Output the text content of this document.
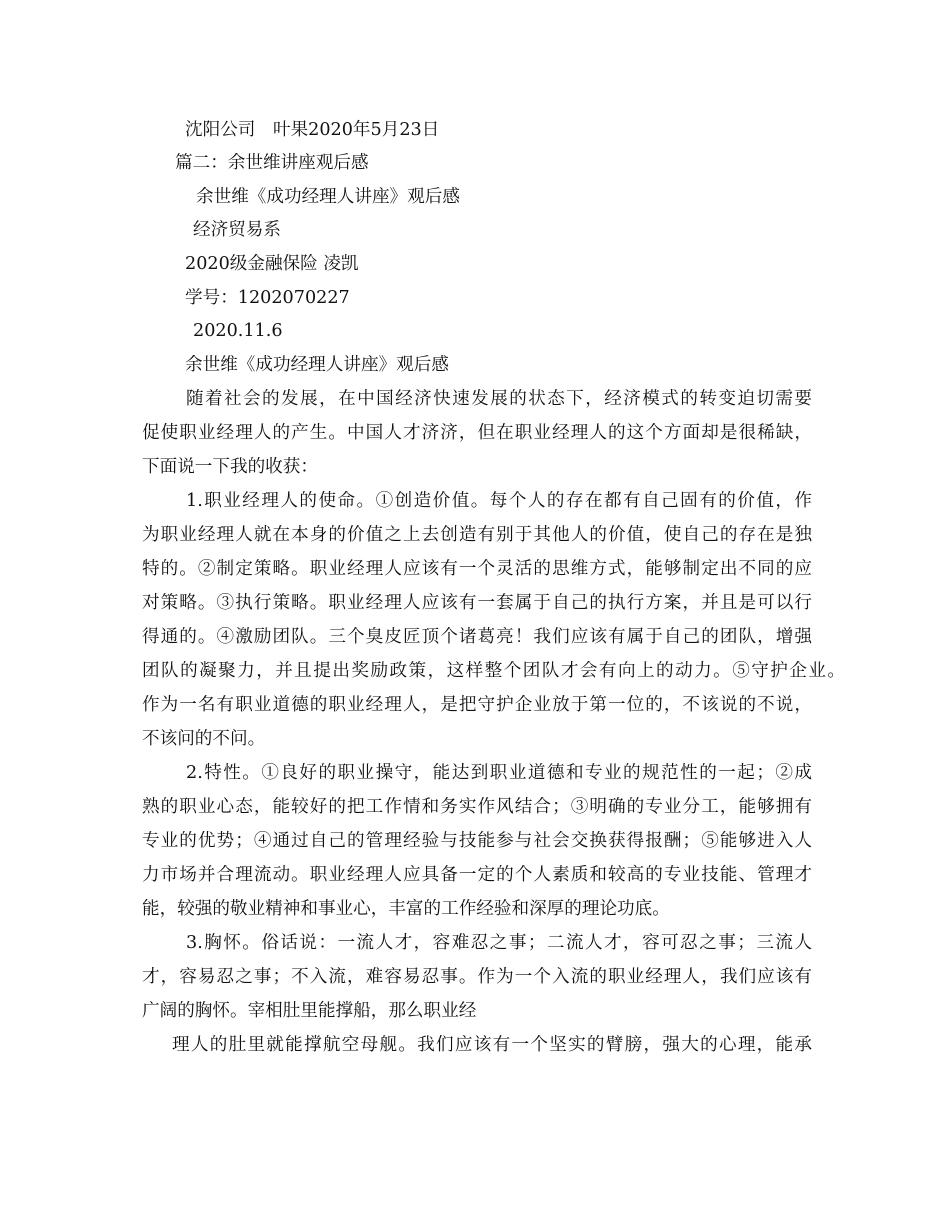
沈阳公司　叶果2020年5月23日
篇二：余世维讲座观后感
余世维《成功经理人讲座》观后感
经济贸易系
2020级金融保险 凌凯
学号：1202070227
2020.11.6
余世维《成功经理人讲座》观后感
随着社会的发展，在中国经济快速发展的状态下，经济模式的转变迫切需要
促使职业经理人的产生。中国人才济济，但在职业经理人的这个方面却是很稀缺，
下面说一下我的收获：
1.职业经理人的使命。①创造价值。每个人的存在都有自己固有的价值，作
为职业经理人就在本身的价值之上去创造有别于其他人的价值，使自己的存在是独
特的。②制定策略。职业经理人应该有一个灵活的思维方式，能够制定出不同的应
对策略。③执行策略。职业经理人应该有一套属于自己的执行方案，并且是可以行
得通的。④激励团队。三个臭皮匠顶个诸葛亮！我们应该有属于自己的团队，增强
团队的凝聚力，并且提出奖励政策，这样整个团队才会有向上的动力。⑤守护企业。
作为一名有职业道德的职业经理人，是把守护企业放于第一位的，不该说的不说，
不该问的不问。
2.特性。①良好的职业操守，能达到职业道德和专业的规范性的一起；②成
熟的职业心态，能较好的把工作情和务实作风结合；③明确的专业分工，能够拥有
专业的优势；④通过自己的管理经验与技能参与社会交换获得报酬；⑤能够进入人
力市场并合理流动。职业经理人应具备一定的个人素质和较高的专业技能、管理才
能，较强的敬业精神和事业心，丰富的工作经验和深厚的理论功底。
3.胸怀。俗话说：一流人才，容难忍之事；二流人才，容可忍之事；三流人
才，容易忍之事；不入流，难容易忍事。作为一个入流的职业经理人，我们应该有
广阔的胸怀。宰相肚里能撑船，那么职业经
理人的肚里就能撑航空母舰。我们应该有一个坚实的臂膀，强大的心理，能承
